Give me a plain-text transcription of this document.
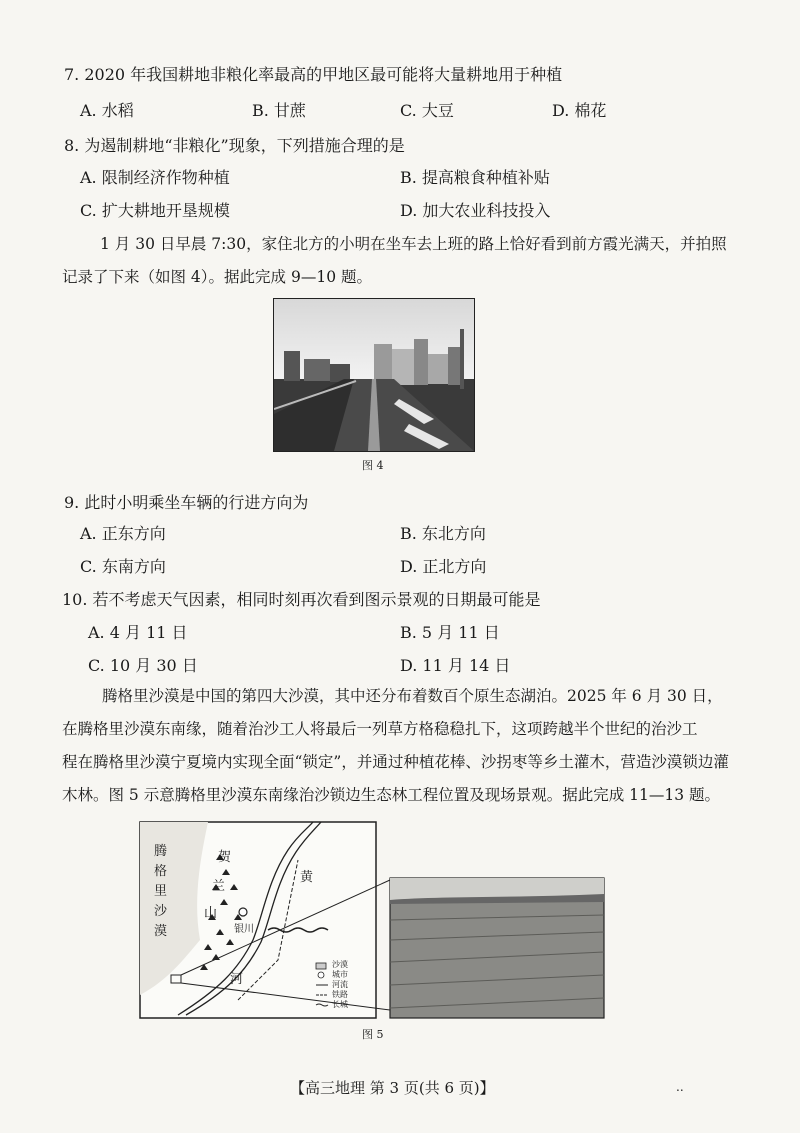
7. 2020 年我国耕地非粮化率最高的甲地区最可能将大量耕地用于种植
A. 水稻	B. 甘蔗	C. 大豆	D. 棉花
8. 为遏制耕地“非粮化”现象，下列措施合理的是
A. 限制经济作物种植	B. 提高粮食种植补贴
C. 扩大耕地开垦规模	D. 加大农业科技投入
1 月 30 日早晨 7:30，家住北方的小明在坐车去上班的路上恰好看到前方霞光满天，并拍照
记录了下来（如图 4）。据此完成 9—10 题。
图 4
9. 此时小明乘坐车辆的行进方向为
A. 正东方向	B. 东北方向
C. 东南方向	D. 正北方向
10. 若不考虑天气因素，相同时刻再次看到图示景观的日期最可能是
A. 4 月 11 日	B. 5 月 11 日
C. 10 月 30 日	D. 11 月 14 日
腾格里沙漠是中国的第四大沙漠，其中还分布着数百个原生态湖泊。2025 年 6 月 30 日，
在腾格里沙漠东南缘，随着治沙工人将最后一列草方格稳稳扎下，这项跨越半个世纪的治沙工
程在腾格里沙漠宁夏境内实现全面“锁定”，并通过种植花棒、沙拐枣等乡土灌木，营造沙漠锁边灌
木林。图 5 示意腾格里沙漠东南缘治沙锁边生态林工程位置及现场景观。据此完成 11—13 题。
腾
格
里
沙
漠
贺
兰
山
黄
河
银川
沙漠
城市
河流
铁路
长城
图 5
【高三地理 第 3 页(共 6 页)】	..
